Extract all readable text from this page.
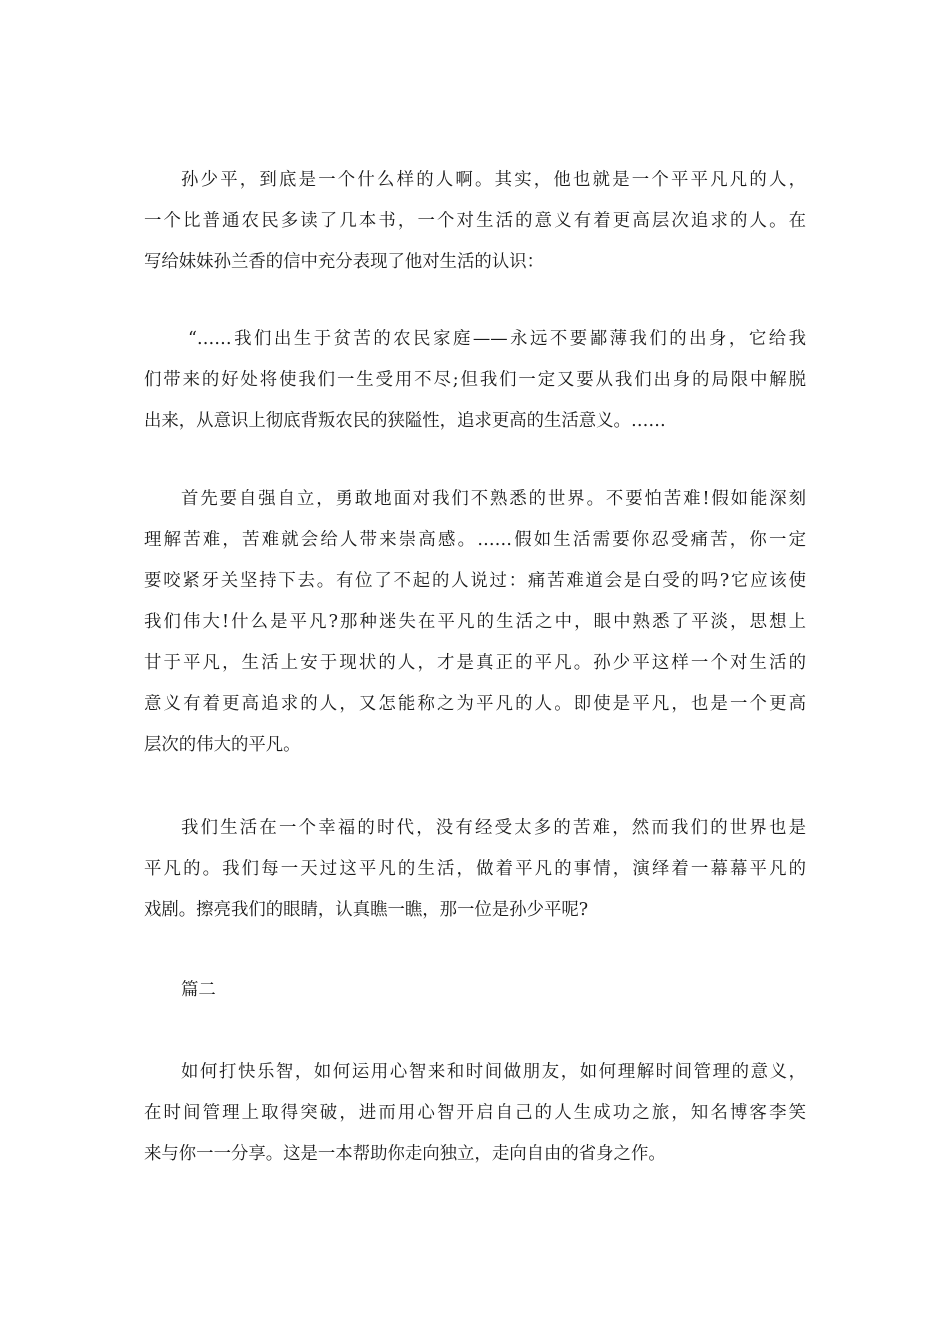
孙少平，到底是一个什么样的人啊。其实，他也就是一个平平凡凡的人，
一个比普通农民多读了几本书，一个对生活的意义有着更高层次追求的人。在
写给妹妹孙兰香的信中充分表现了他对生活的认识：
“……我们出生于贫苦的农民家庭——永远不要鄙薄我们的出身，它给我
们带来的好处将使我们一生受用不尽;但我们一定又要从我们出身的局限中解脱
出来，从意识上彻底背叛农民的狭隘性，追求更高的生活意义。……
首先要自强自立，勇敢地面对我们不熟悉的世界。不要怕苦难!假如能深刻
理解苦难，苦难就会给人带来崇高感。……假如生活需要你忍受痛苦，你一定
要咬紧牙关坚持下去。有位了不起的人说过：痛苦难道会是白受的吗?它应该使
我们伟大!什么是平凡?那种迷失在平凡的生活之中，眼中熟悉了平淡，思想上
甘于平凡，生活上安于现状的人，才是真正的平凡。孙少平这样一个对生活的
意义有着更高追求的人，又怎能称之为平凡的人。即使是平凡，也是一个更高
层次的伟大的平凡。
我们生活在一个幸福的时代，没有经受太多的苦难，然而我们的世界也是
平凡的。我们每一天过这平凡的生活，做着平凡的事情，演绎着一幕幕平凡的
戏剧。擦亮我们的眼睛，认真瞧一瞧，那一位是孙少平呢?
篇二
如何打快乐智，如何运用心智来和时间做朋友，如何理解时间管理的意义，
在时间管理上取得突破，进而用心智开启自己的人生成功之旅，知名博客李笑
来与你一一分享。这是一本帮助你走向独立，走向自由的省身之作。
